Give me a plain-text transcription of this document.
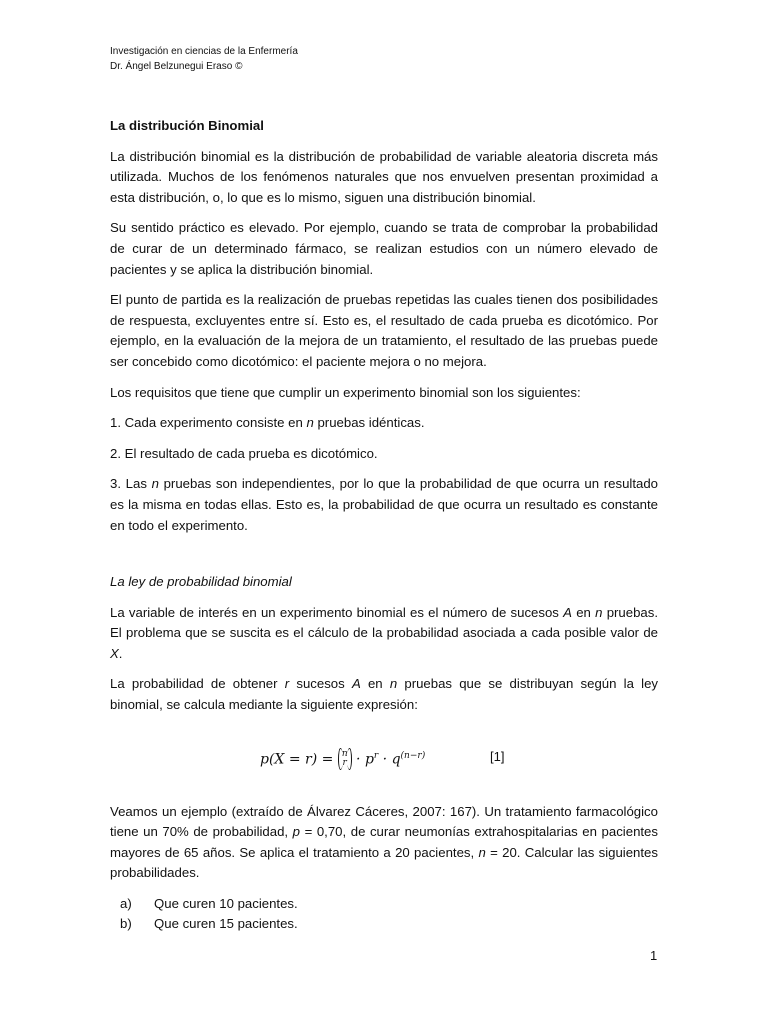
Investigación en ciencias de la Enfermería
Dr. Ángel Belzunegui Eraso ©

La distribución Binomial

La distribución binomial es la distribución de probabilidad de variable aleatoria discreta más utilizada. Muchos de los fenómenos naturales que nos envuelven presentan proximidad a esta distribución, o, lo que es lo mismo, siguen una distribución binomial.

Su sentido práctico es elevado. Por ejemplo, cuando se trata de comprobar la probabilidad de curar de un determinado fármaco, se realizan estudios con un número elevado de pacientes y se aplica la distribución binomial.

El punto de partida es la realización de pruebas repetidas las cuales tienen dos posibilidades de respuesta, excluyentes entre sí. Esto es, el resultado de cada prueba es dicotómico. Por ejemplo, en la evaluación de la mejora de un tratamiento, el resultado de las pruebas puede ser concebido como dicotómico: el paciente mejora o no mejora.

Los requisitos que tiene que cumplir un experimento binomial son los siguientes:

1. Cada experimento consiste en n pruebas idénticas.

2. El resultado de cada prueba es dicotómico.

3. Las n pruebas son independientes, por lo que la probabilidad de que ocurra un resultado es la misma en todas ellas. Esto es, la probabilidad de que ocurra un resultado es constante en todo el experimento.

La ley de probabilidad binomial

La variable de interés en un experimento binomial es el número de sucesos A en n pruebas. El problema que se suscita es el cálculo de la probabilidad asociada a cada posible valor de X.

La probabilidad de obtener r sucesos A en n pruebas que se distribuyan según la ley binomial, se calcula mediante la siguiente expresión:

p(X = r) = n
$r \cdot p^r \cdot q^{(n-r)}$	[1]

Veamos un ejemplo (extraído de Álvarez Cáceres, 2007: 167). Un tratamiento farmacológico tiene un 70% de probabilidad, p = 0,70, de curar neumonías extrahospitalarias en pacientes mayores de 65 años. Se aplica el tratamiento a 20 pacientes, n = 20. Calcular las siguientes probabilidades.

a) Que curen 10 pacientes.
b) Que curen 15 pacientes.
1
